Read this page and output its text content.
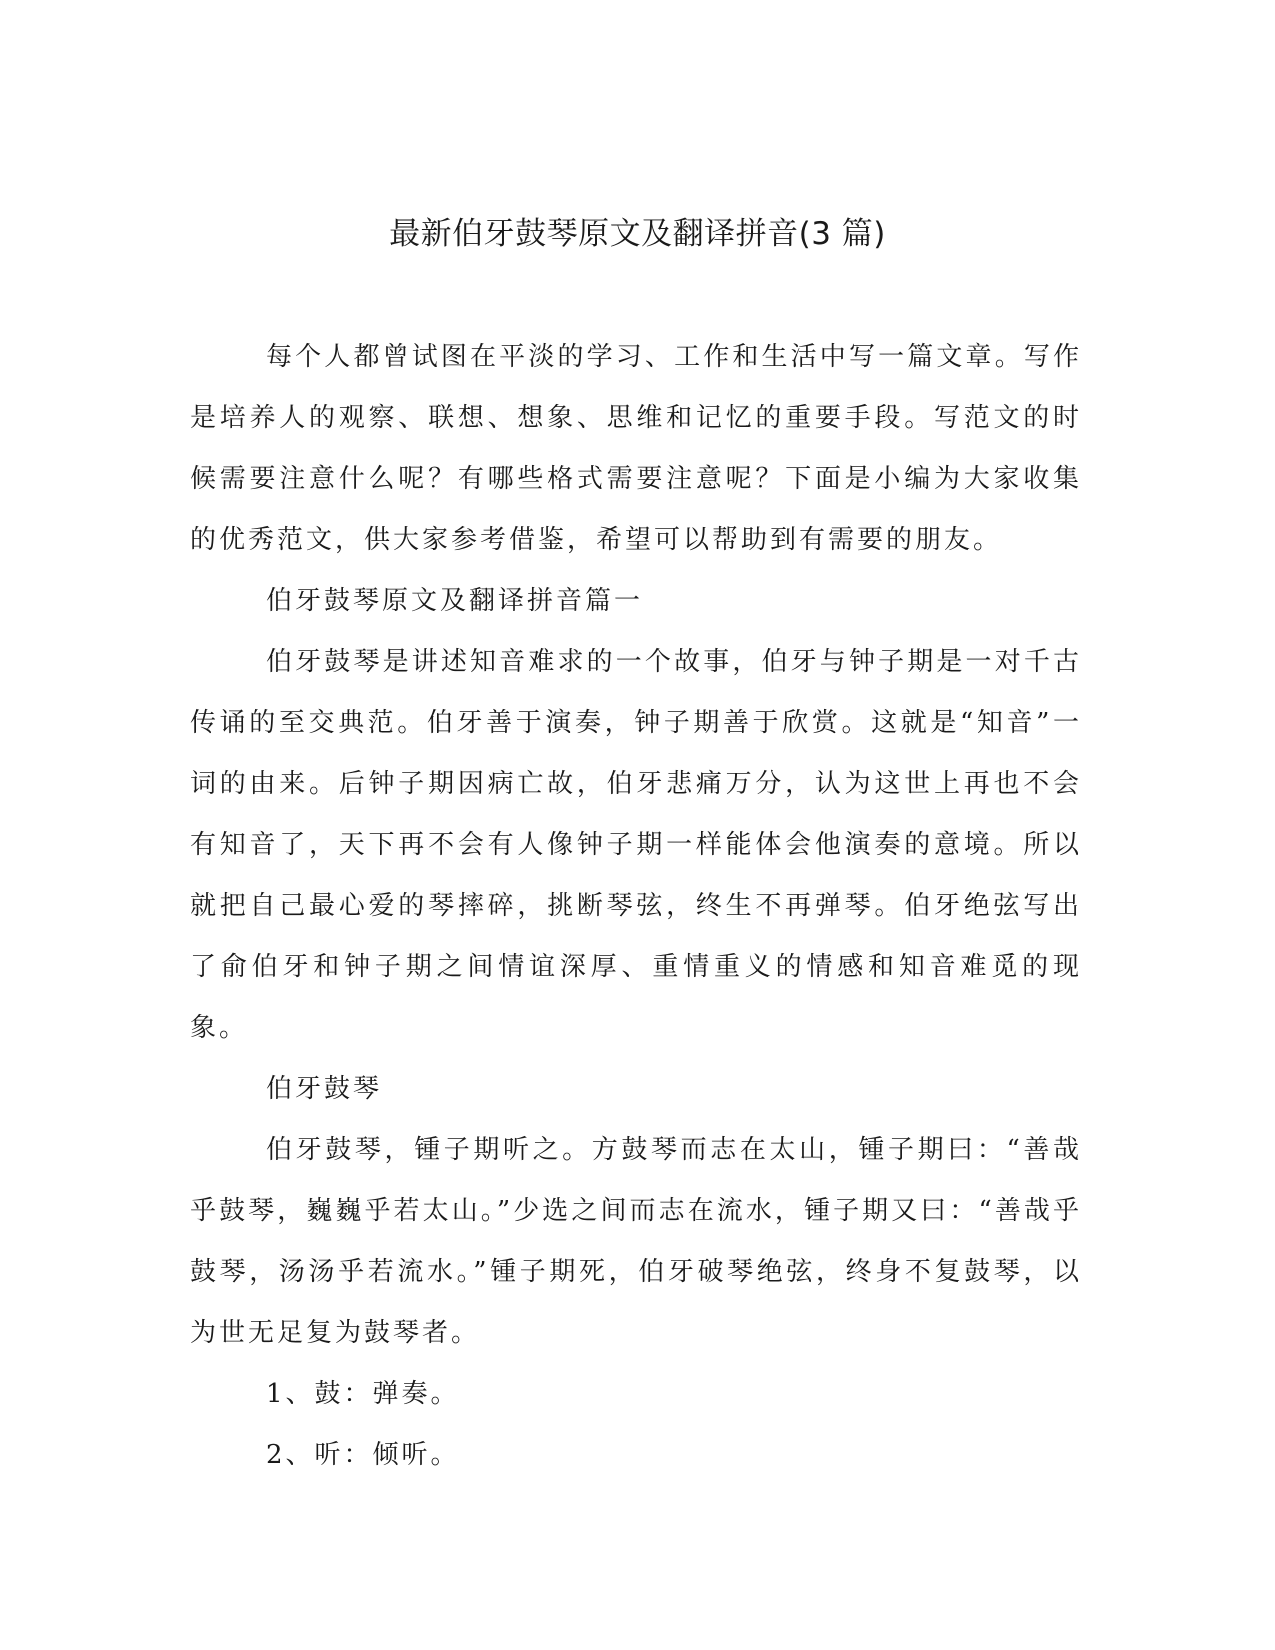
最新伯牙鼓琴原文及翻译拼音(3 篇)

每个人都曾试图在平淡的学习、工作和生活中写一篇文章。写作是培养人的观察、联想、想象、思维和记忆的重要手段。写范文的时候需要注意什么呢？有哪些格式需要注意呢？下面是小编为大家收集的优秀范文，供大家参考借鉴，希望可以帮助到有需要的朋友。

伯牙鼓琴原文及翻译拼音篇一

伯牙鼓琴是讲述知音难求的一个故事，伯牙与钟子期是一对千古传诵的至交典范。伯牙善于演奏，钟子期善于欣赏。这就是“知音”一词的由来。后钟子期因病亡故，伯牙悲痛万分，认为这世上再也不会有知音了，天下再不会有人像钟子期一样能体会他演奏的意境。所以就把自己最心爱的琴摔碎，挑断琴弦，终生不再弹琴。伯牙绝弦写出了俞伯牙和钟子期之间情谊深厚、重情重义的情感和知音难觅的现象。

伯牙鼓琴

伯牙鼓琴，锺子期听之。方鼓琴而志在太山，锺子期曰：“善哉乎鼓琴，巍巍乎若太山。”少选之间而志在流水，锺子期又曰：“善哉乎鼓琴，汤汤乎若流水。”锺子期死，伯牙破琴绝弦，终身不复鼓琴，以为世无足复为鼓琴者。

1、鼓：弹奏。

2、听：倾听。
